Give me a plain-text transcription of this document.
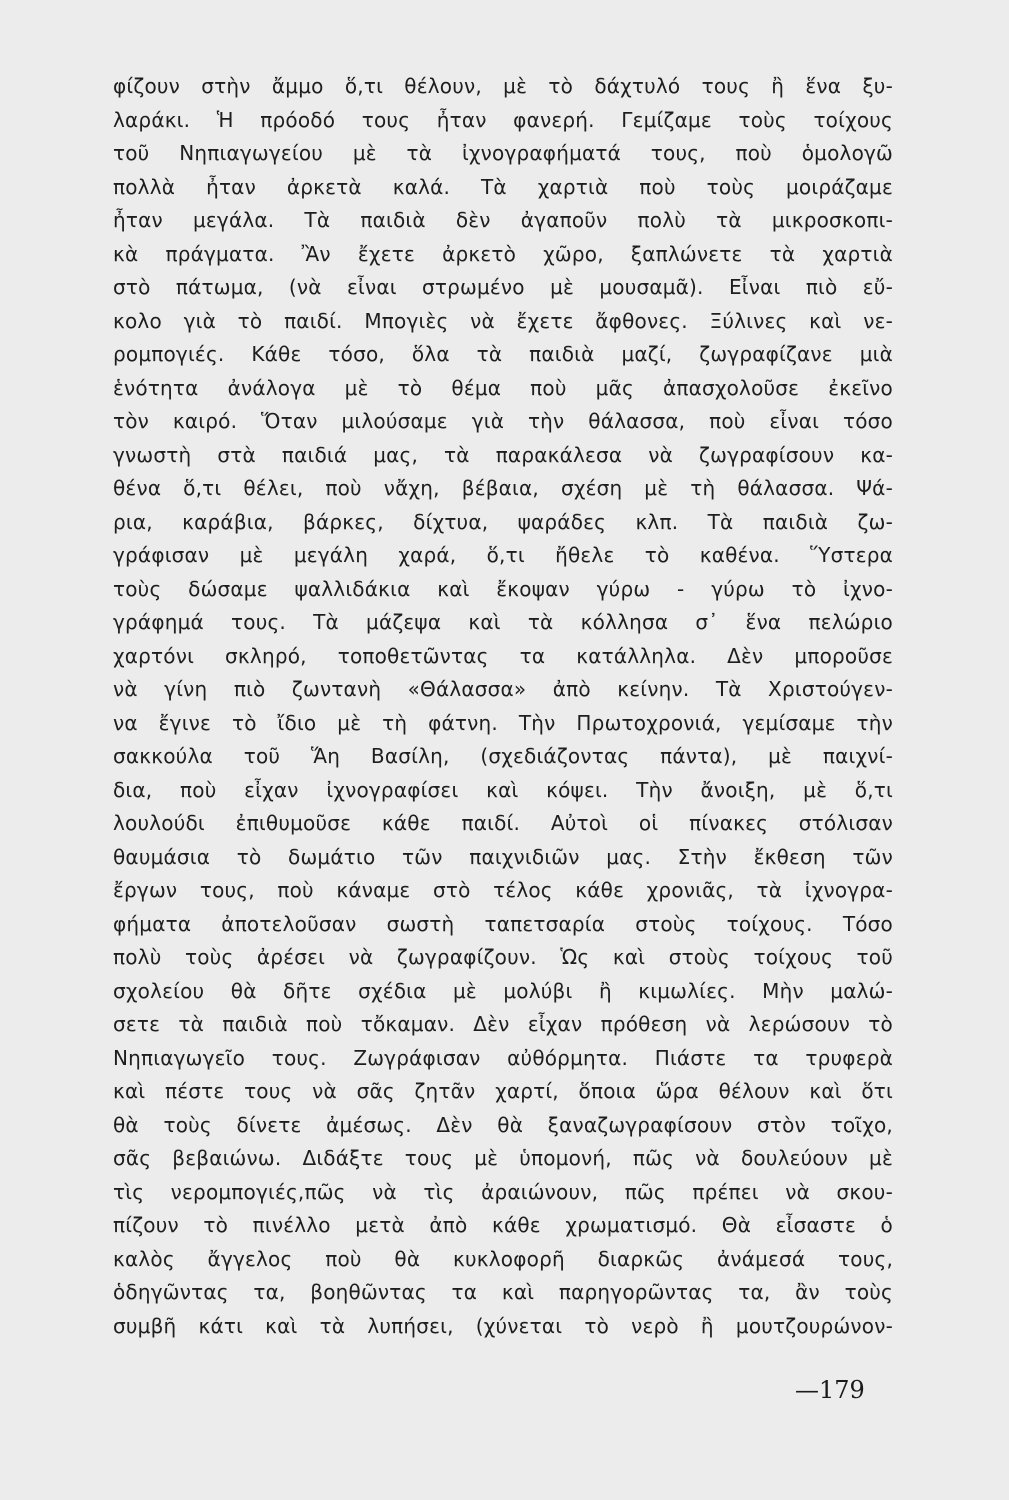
φίζουν στὴν ἄμμο ὅ,τι θέλουν, μὲ τὸ δάχτυλό τους ἢ ἕνα ξυ-
λαράκι. Ἡ πρόοδό τους ἦταν φανερή. Γεμίζαμε τοὺς τοίχους
τοῦ Νηπιαγωγείου μὲ τὰ ἰχνογραφήματά τους, ποὺ ὁμολογῶ
πολλὰ ἦταν ἀρκετὰ καλά. Τὰ χαρτιὰ ποὺ τοὺς μοιράζαμε
ἦταν μεγάλα. Τὰ παιδιὰ δὲν ἀγαποῦν πολὺ τὰ μικροσκοπι-
κὰ πράγματα. Ἂν ἔχετε ἀρκετὸ χῶρο, ξαπλώνετε τὰ χαρτιὰ
στὸ πάτωμα, (νὰ εἶναι στρωμένο μὲ μουσαμᾶ). Εἶναι πιὸ εὔ-
κολο γιὰ τὸ παιδί. Μπογιὲς νὰ ἔχετε ἄφθονες. Ξύλινες καὶ νε-
ρομπογιές. Κάθε τόσο, ὅλα τὰ παιδιὰ μαζί, ζωγραφίζανε μιὰ
ἑνότητα ἀνάλογα μὲ τὸ θέμα ποὺ μᾶς ἀπασχολοῦσε ἐκεῖνο
τὸν καιρό. Ὅταν μιλούσαμε γιὰ τὴν θάλασσα, ποὺ εἶναι τόσο
γνωστὴ στὰ παιδιά μας, τὰ παρακάλεσα νὰ ζωγραφίσουν κα-
θένα ὅ,τι θέλει, ποὺ νἄχη, βέβαια, σχέση μὲ τὴ θάλασσα. Ψά-
ρια, καράβια, βάρκες, δίχτυα, ψαράδες κλπ. Τὰ παιδιὰ ζω-
γράφισαν μὲ μεγάλη χαρά, ὅ,τι ἤθελε τὸ καθένα. Ὕστερα
τοὺς δώσαμε ψαλλιδάκια καὶ ἔκοψαν γύρω - γύρω τὸ ἰχνο-
γράφημά τους. Τὰ μάζεψα καὶ τὰ κόλλησα σ᾽ ἕνα πελώριο
χαρτόνι σκληρό, τοποθετῶντας τα κατάλληλα. Δὲν μποροῦσε
νὰ γίνη πιὸ ζωντανὴ «Θάλασσα» ἀπὸ κείνην. Τὰ Χριστούγεν-
να ἔγινε τὸ ἴδιο μὲ τὴ φάτνη. Τὴν Πρωτοχρονιά, γεμίσαμε τὴν
σακκούλα τοῦ Ἅη Βασίλη, (σχεδιάζοντας πάντα), μὲ παιχνί-
δια, ποὺ εἶχαν ἰχνογραφίσει καὶ κόψει. Τὴν ἄνοιξη, μὲ ὅ,τι
λουλούδι ἐπιθυμοῦσε κάθε παιδί. Αὐτοὶ οἱ πίνακες στόλισαν
θαυμάσια τὸ δωμάτιο τῶν παιχνιδιῶν μας. Στὴν ἔκθεση τῶν
ἔργων τους, ποὺ κάναμε στὸ τέλος κάθε χρονιᾶς, τὰ ἰχνογρα-
φήματα ἀποτελοῦσαν σωστὴ ταπετσαρία στοὺς τοίχους. Τόσο
πολὺ τοὺς ἀρέσει νὰ ζωγραφίζουν. Ὡς καὶ στοὺς τοίχους τοῦ
σχολείου θὰ δῆτε σχέδια μὲ μολύβι ἢ κιμωλίες. Μὴν μαλώ-
σετε τὰ παιδιὰ ποὺ τὄκαμαν. Δὲν εἶχαν πρόθεση νὰ λερώσουν τὸ
Νηπιαγωγεῖο τους. Ζωγράφισαν αὐθόρμητα. Πιάστε τα τρυφερὰ
καὶ πέστε τους νὰ σᾶς ζητᾶν χαρτί, ὅποια ὥρα θέλουν καὶ ὅτι
θὰ τοὺς δίνετε ἀμέσως. Δὲν θὰ ξαναζωγραφίσουν στὸν τοῖχο,
σᾶς βεβαιώνω. Διδάξτε τους μὲ ὑπομονή, πῶς νὰ δουλεύουν μὲ
τὶς νερομπογιές,πῶς νὰ τὶς ἀραιώνουν, πῶς πρέπει νὰ σκου-
πίζουν τὸ πινέλλο μετὰ ἀπὸ κάθε χρωματισμό. Θὰ εἶσαστε ὁ
καλὸς ἄγγελος ποὺ θὰ κυκλοφορῆ διαρκῶς ἀνάμεσά τους,
ὁδηγῶντας τα, βοηθῶντας τα καὶ παρηγορῶντας τα, ἂν τοὺς
συμβῆ κάτι καὶ τὰ λυπήσει, (χύνεται τὸ νερὸ ἢ μουτζουρώνον-
—179
